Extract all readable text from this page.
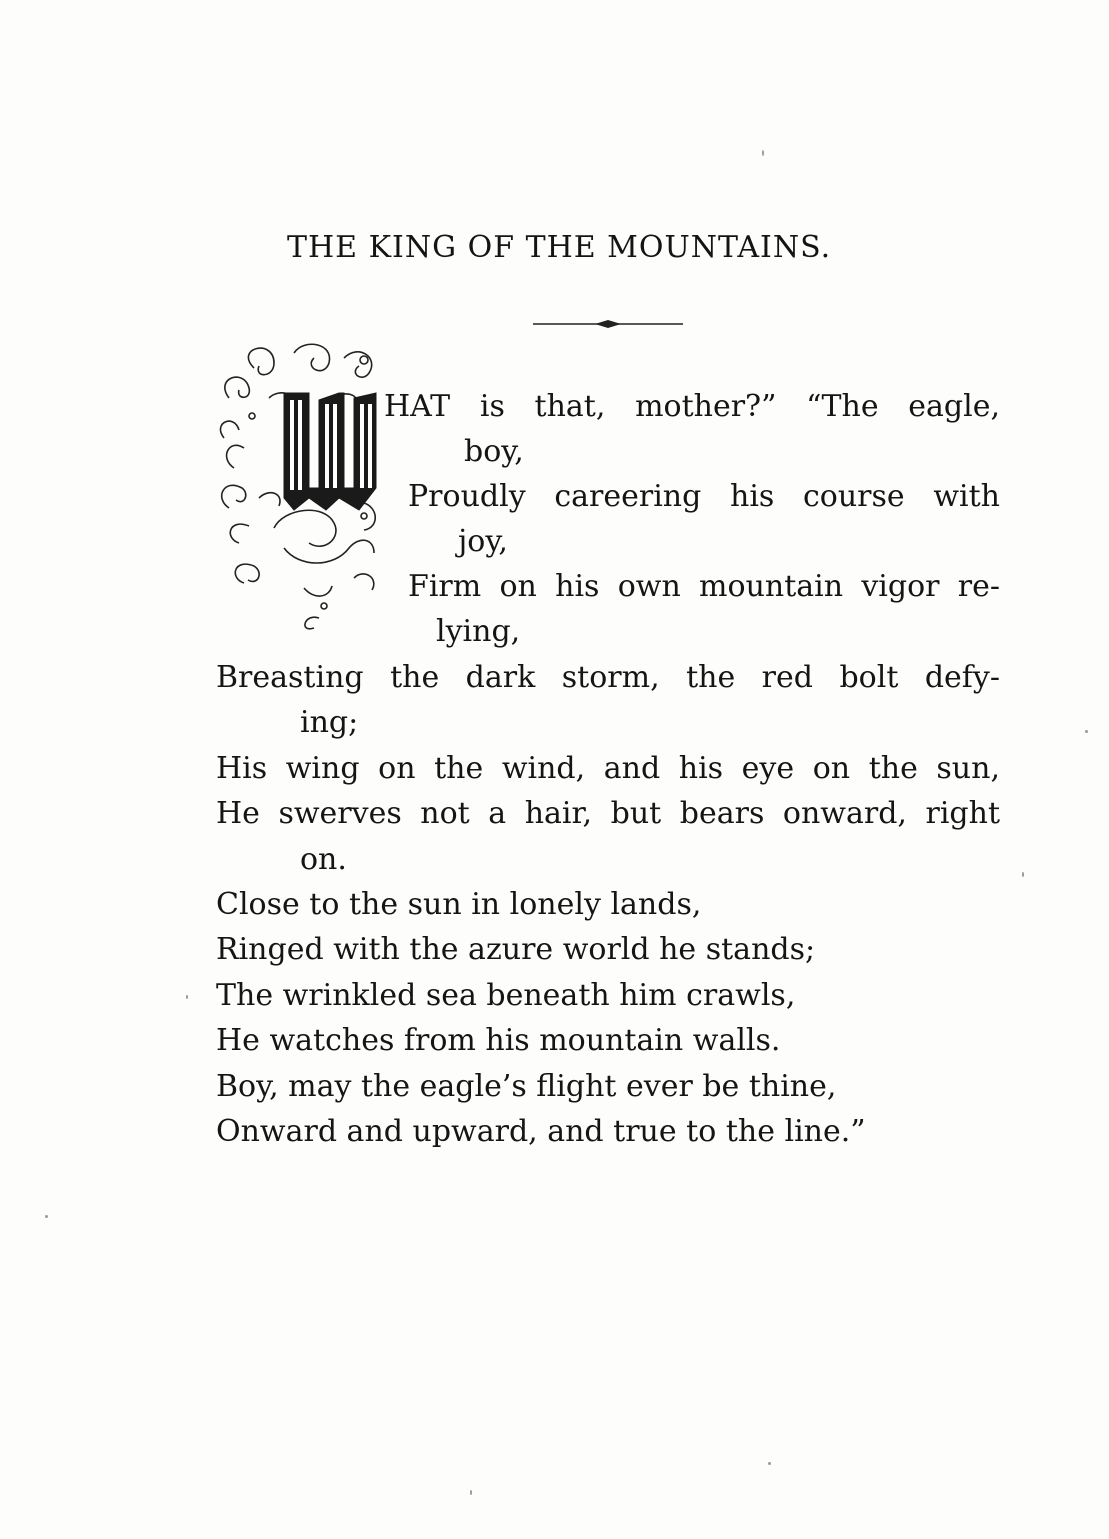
THE KING OF THE MOUNTAINS.
HAT is that, mother?” “The eagle,
boy,
Proudly careering his course with
joy,
Firm on his own mountain vigor re-
lying,
Breasting the dark storm, the red bolt defy-
ing;
His wing on the wind, and his eye on the sun,
He swerves not a hair, but bears onward, right
on.
Close to the sun in lonely lands,
Ringed with the azure world he stands;
The wrinkled sea beneath him crawls,
He watches from his mountain walls.
Boy, may the eagle’s flight ever be thine,
Onward and upward, and true to the line.”
